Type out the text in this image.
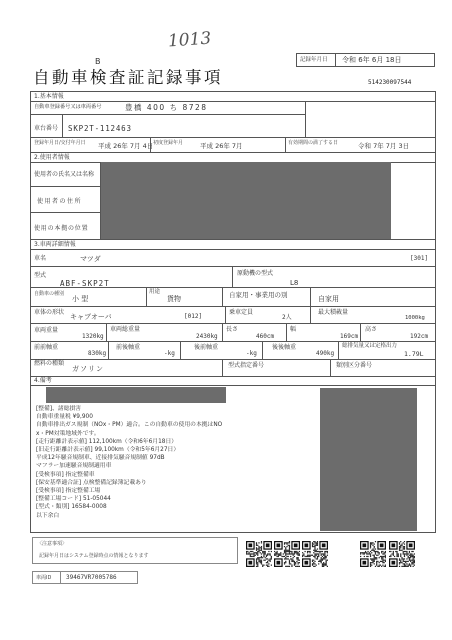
1013
B	記録年月日 令和 6年 6月 18日
自動車検査証記録事項	514230097544
1.基本情報
自動車登録番号又は車両番号	豊橋 400 ち 8728
車台番号 SKP2T-112463
登録年月日/交付年月日 平成 26年 7月 4日 初度登録年月	平成 26年 7月	有効期間の満了する日	令和 7年 7月 3日
2.使用者情報
使用者の氏名又は名称
使用者の住所
使用の本拠の位置
3.車両詳細情報
車名	マツダ	[301]
型式
ABF-SKP2T
原動機の型式
L8
自動車の種別
小 型
用途
貨物	自家用・事業用の別	自家用
車体の形状
キャブオーバ	[012]
乗車定員
2人
最大積載量
1000kg
車両重量
1320kg
車両総重量
2430kg
長さ
460cm
幅
169cm
高さ
192cm
前前軸重
830kg
前後軸重
-kg
後前軸重
-kg
後後軸重
490kg
総排気量又は定格出力
1.79L
燃料の種類
ガソリン	型式指定番号	類別区分番号
4.備考
[整備]、諸総損害
自動車重量税 ¥9,900
自動車排出ガス規制（NOx・PM）適合。この自動車の使用の本拠はNO
x・PM対策地域外です。
[走行距離計表示値] 112,100km（令和6年6月18日）
[旧走行距離計表示値] 99,100km（令和5年6月27日）
平成12年騒音規制車、近接排気騒音規制値 97dB
マフラー加速騒音規制適用車
[受検事項] 指定整備車
[保安基準適合証] 点検整備記録簿記載あり
[受検事項] 指定整備工場
[整備工場コード] 51-05044
[型式・類別] 16584-0008
以下余白
〈注意事項〉
記録年月日はシステム登録時点の情報となります
車両ID 39467VR7005786
